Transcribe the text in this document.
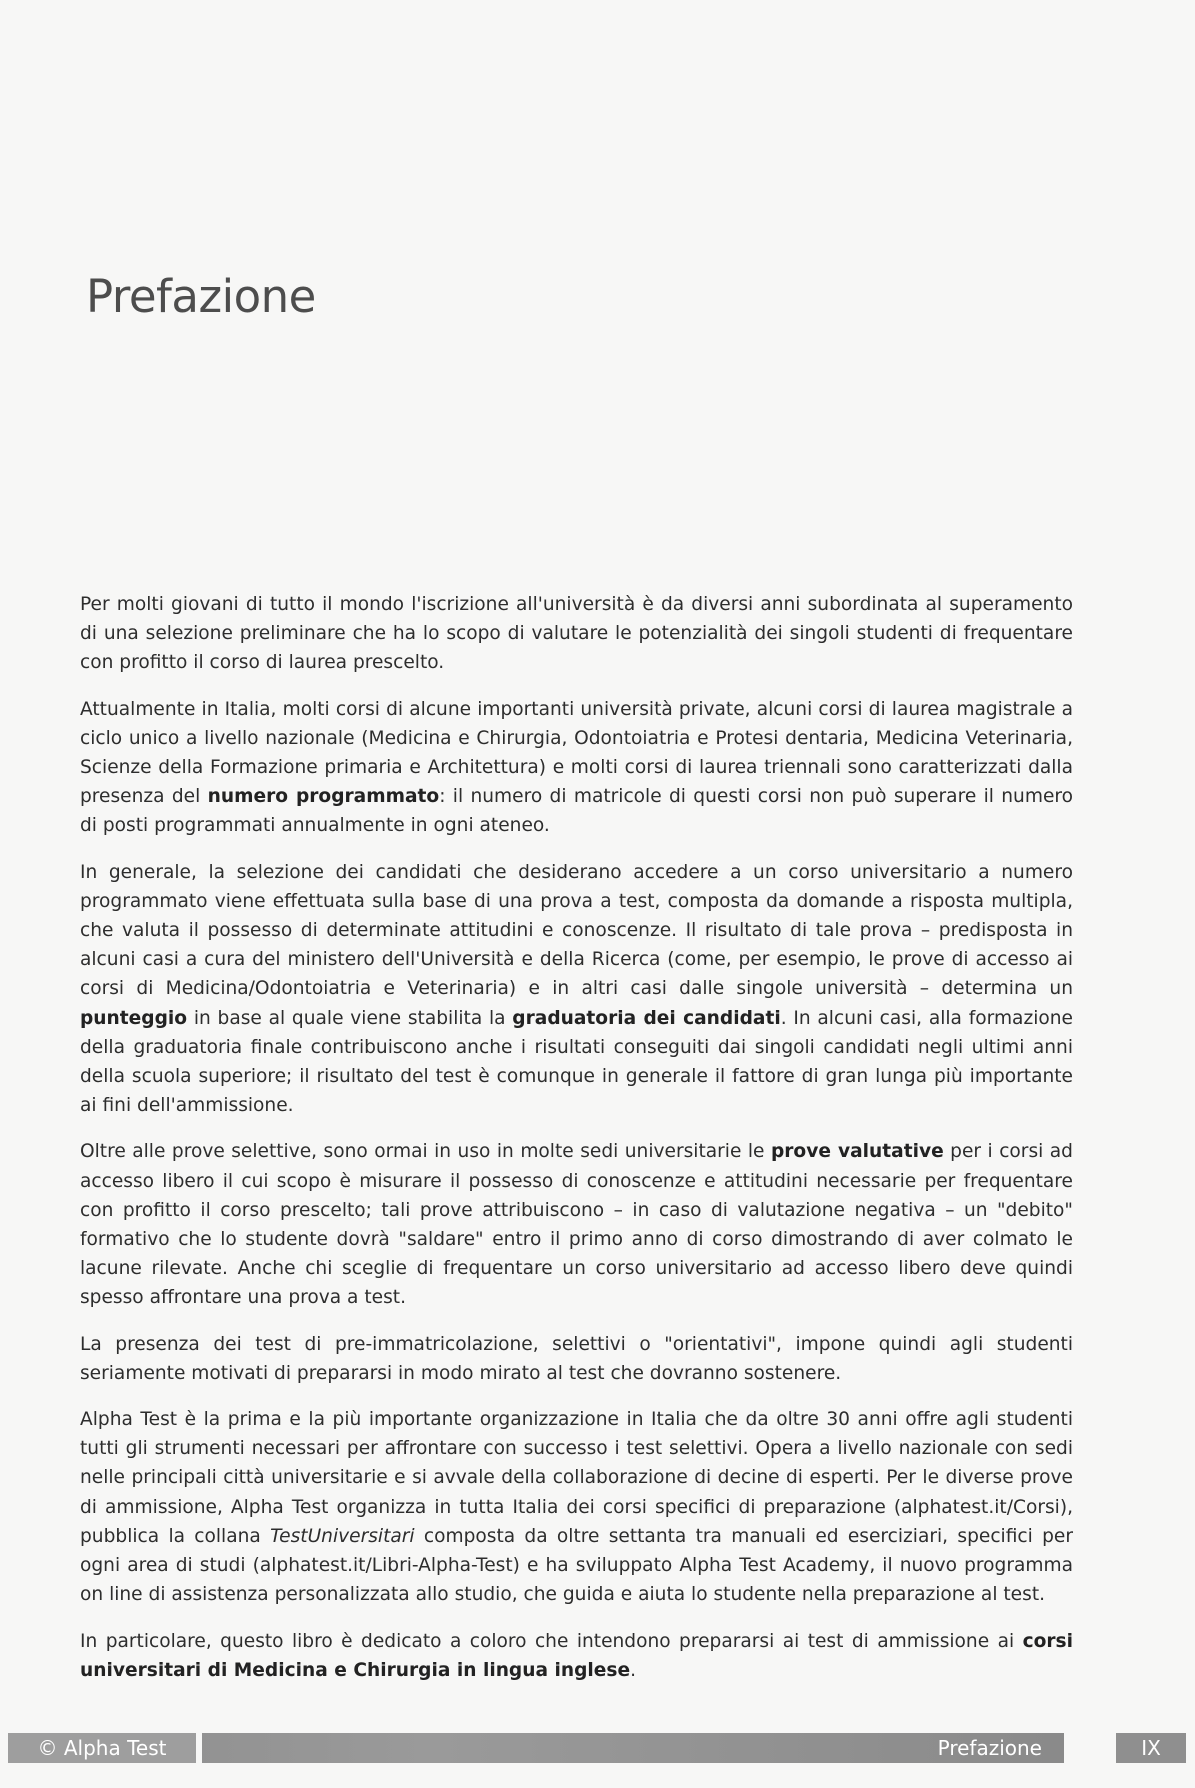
Prefazione

Per molti giovani di tutto il mondo l'iscrizione all'università è da diversi anni subordinata al superamento di una selezione preliminare che ha lo scopo di valutare le potenzialità dei singoli studenti di frequentare con profitto il corso di laurea prescelto.

Attualmente in Italia, molti corsi di alcune importanti università private, alcuni corsi di laurea magistrale a ciclo unico a livello nazionale (Medicina e Chirurgia, Odontoiatria e Protesi dentaria, Medicina Veterinaria, Scienze della Formazione primaria e Architettura) e molti corsi di laurea triennali sono caratterizzati dalla presenza del numero programmato: il numero di matricole di questi corsi non può superare il numero di posti programmati annualmente in ogni ateneo.

In generale, la selezione dei candidati che desiderano accedere a un corso universitario a numero programmato viene effettuata sulla base di una prova a test, composta da domande a risposta multipla, che valuta il possesso di determinate attitudini e conoscenze. Il risultato di tale prova – predisposta in alcuni casi a cura del ministero dell'Università e della Ricerca (come, per esempio, le prove di accesso ai corsi di Medicina/Odontoiatria e Veterinaria) e in altri casi dalle singole università – determina un punteggio in base al quale viene stabilita la graduatoria dei candidati. In alcuni casi, alla formazione della graduatoria finale contribuiscono anche i risultati conseguiti dai singoli candidati negli ultimi anni della scuola superiore; il risultato del test è comunque in generale il fattore di gran lunga più importante ai fini dell'ammissione.

Oltre alle prove selettive, sono ormai in uso in molte sedi universitarie le prove valutative per i corsi ad accesso libero il cui scopo è misurare il possesso di conoscenze e attitudini necessarie per frequentare con profitto il corso prescelto; tali prove attribuiscono – in caso di valutazione negativa – un "debito" formativo che lo studente dovrà "saldare" entro il primo anno di corso dimostrando di aver colmato le lacune rilevate. Anche chi sceglie di frequentare un corso universitario ad accesso libero deve quindi spesso affrontare una prova a test.

La presenza dei test di pre-immatricolazione, selettivi o "orientativi", impone quindi agli studenti seriamente motivati di prepararsi in modo mirato al test che dovranno sostenere.

Alpha Test è la prima e la più importante organizzazione in Italia che da oltre 30 anni offre agli studenti tutti gli strumenti necessari per affrontare con successo i test selettivi. Opera a livello nazionale con sedi nelle principali città universitarie e si avvale della collaborazione di decine di esperti. Per le diverse prove di ammissione, Alpha Test organizza in tutta Italia dei corsi specifici di preparazione (alphatest.it/Corsi), pubblica la collana TestUniversitari composta da oltre settanta tra manuali ed eserciziari, specifici per ogni area di studi (alphatest.it/Libri-Alpha-Test) e ha sviluppato Alpha Test Academy, il nuovo programma on line di assistenza personalizzata allo studio, che guida e aiuta lo studente nella preparazione al test.

In particolare, questo libro è dedicato a coloro che intendono prepararsi ai test di ammissione ai corsi universitari di Medicina e Chirurgia in lingua inglese.

© Alpha Test	Prefazione	IX
